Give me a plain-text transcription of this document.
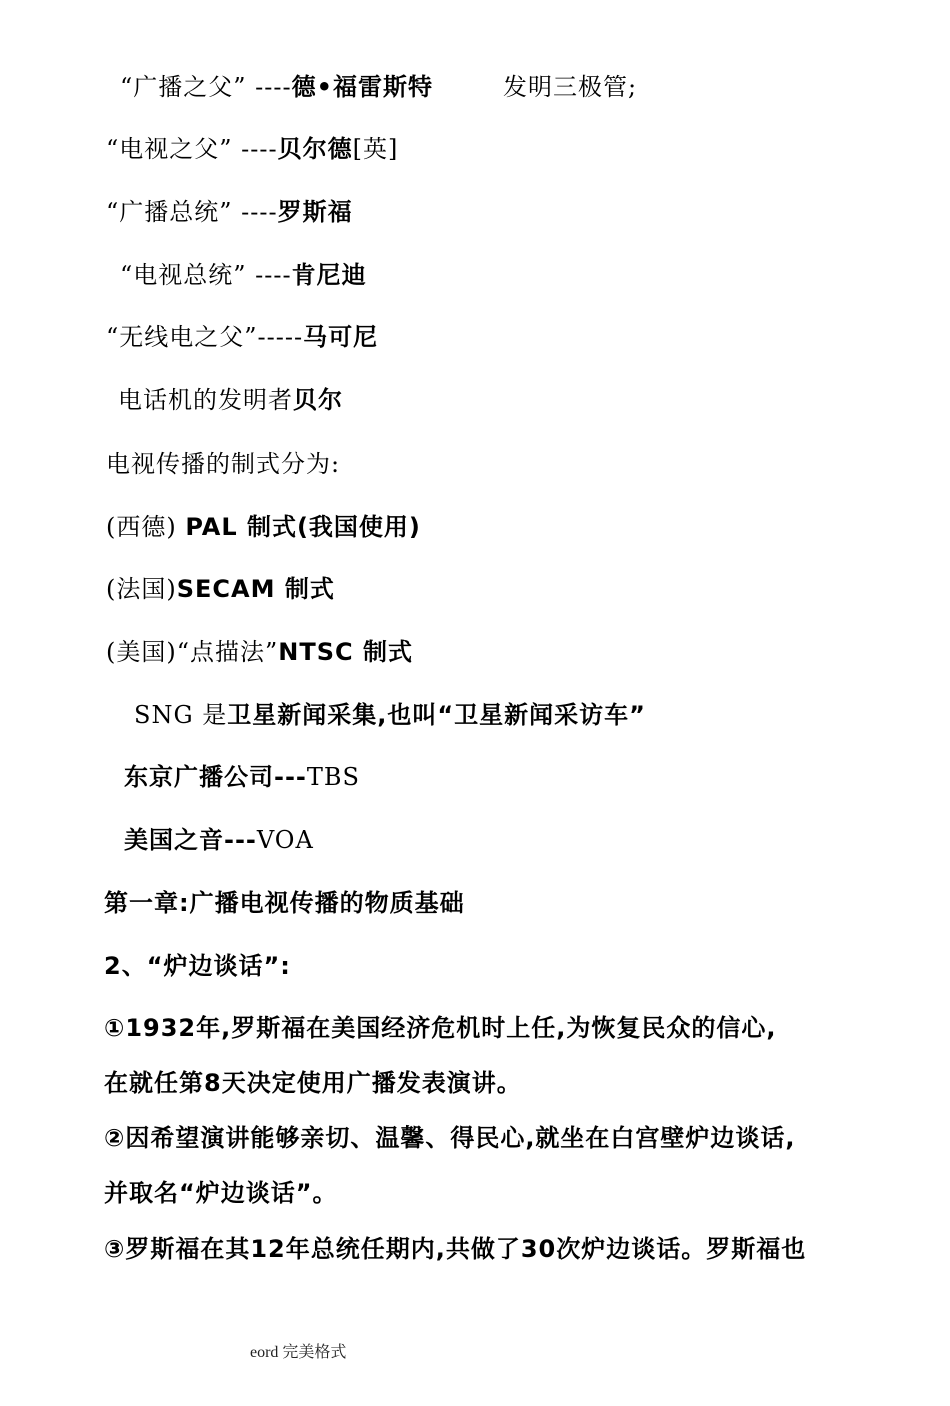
“广播之父” ----德•福雷斯特	发明三极管;
“电视之父” ----贝尔德[英]
“广播总统” ----罗斯福
“电视总统” ----肯尼迪
“无线电之父”-----马可尼
电话机的发明者贝尔
电视传播的制式分为:
(西德) PAL 制式(我国使用)
(法国)SECAM 制式
(美国)“点描法”NTSC 制式
SNG 是卫星新闻采集,也叫“卫星新闻采访车”
东京广播公司---TBS
美国之音---VOA
第一章:广播电视传播的物质基础
2、“炉边谈话”:
①1932年,罗斯福在美国经济危机时上任,为恢复民众的信心,
在就任第8天决定使用广播发表演讲。
②因希望演讲能够亲切、温馨、得民心,就坐在白宫壁炉边谈话,
并取名“炉边谈话”。
③罗斯福在其12年总统任期内,共做了30次炉边谈话。罗斯福也
eord 完美格式
